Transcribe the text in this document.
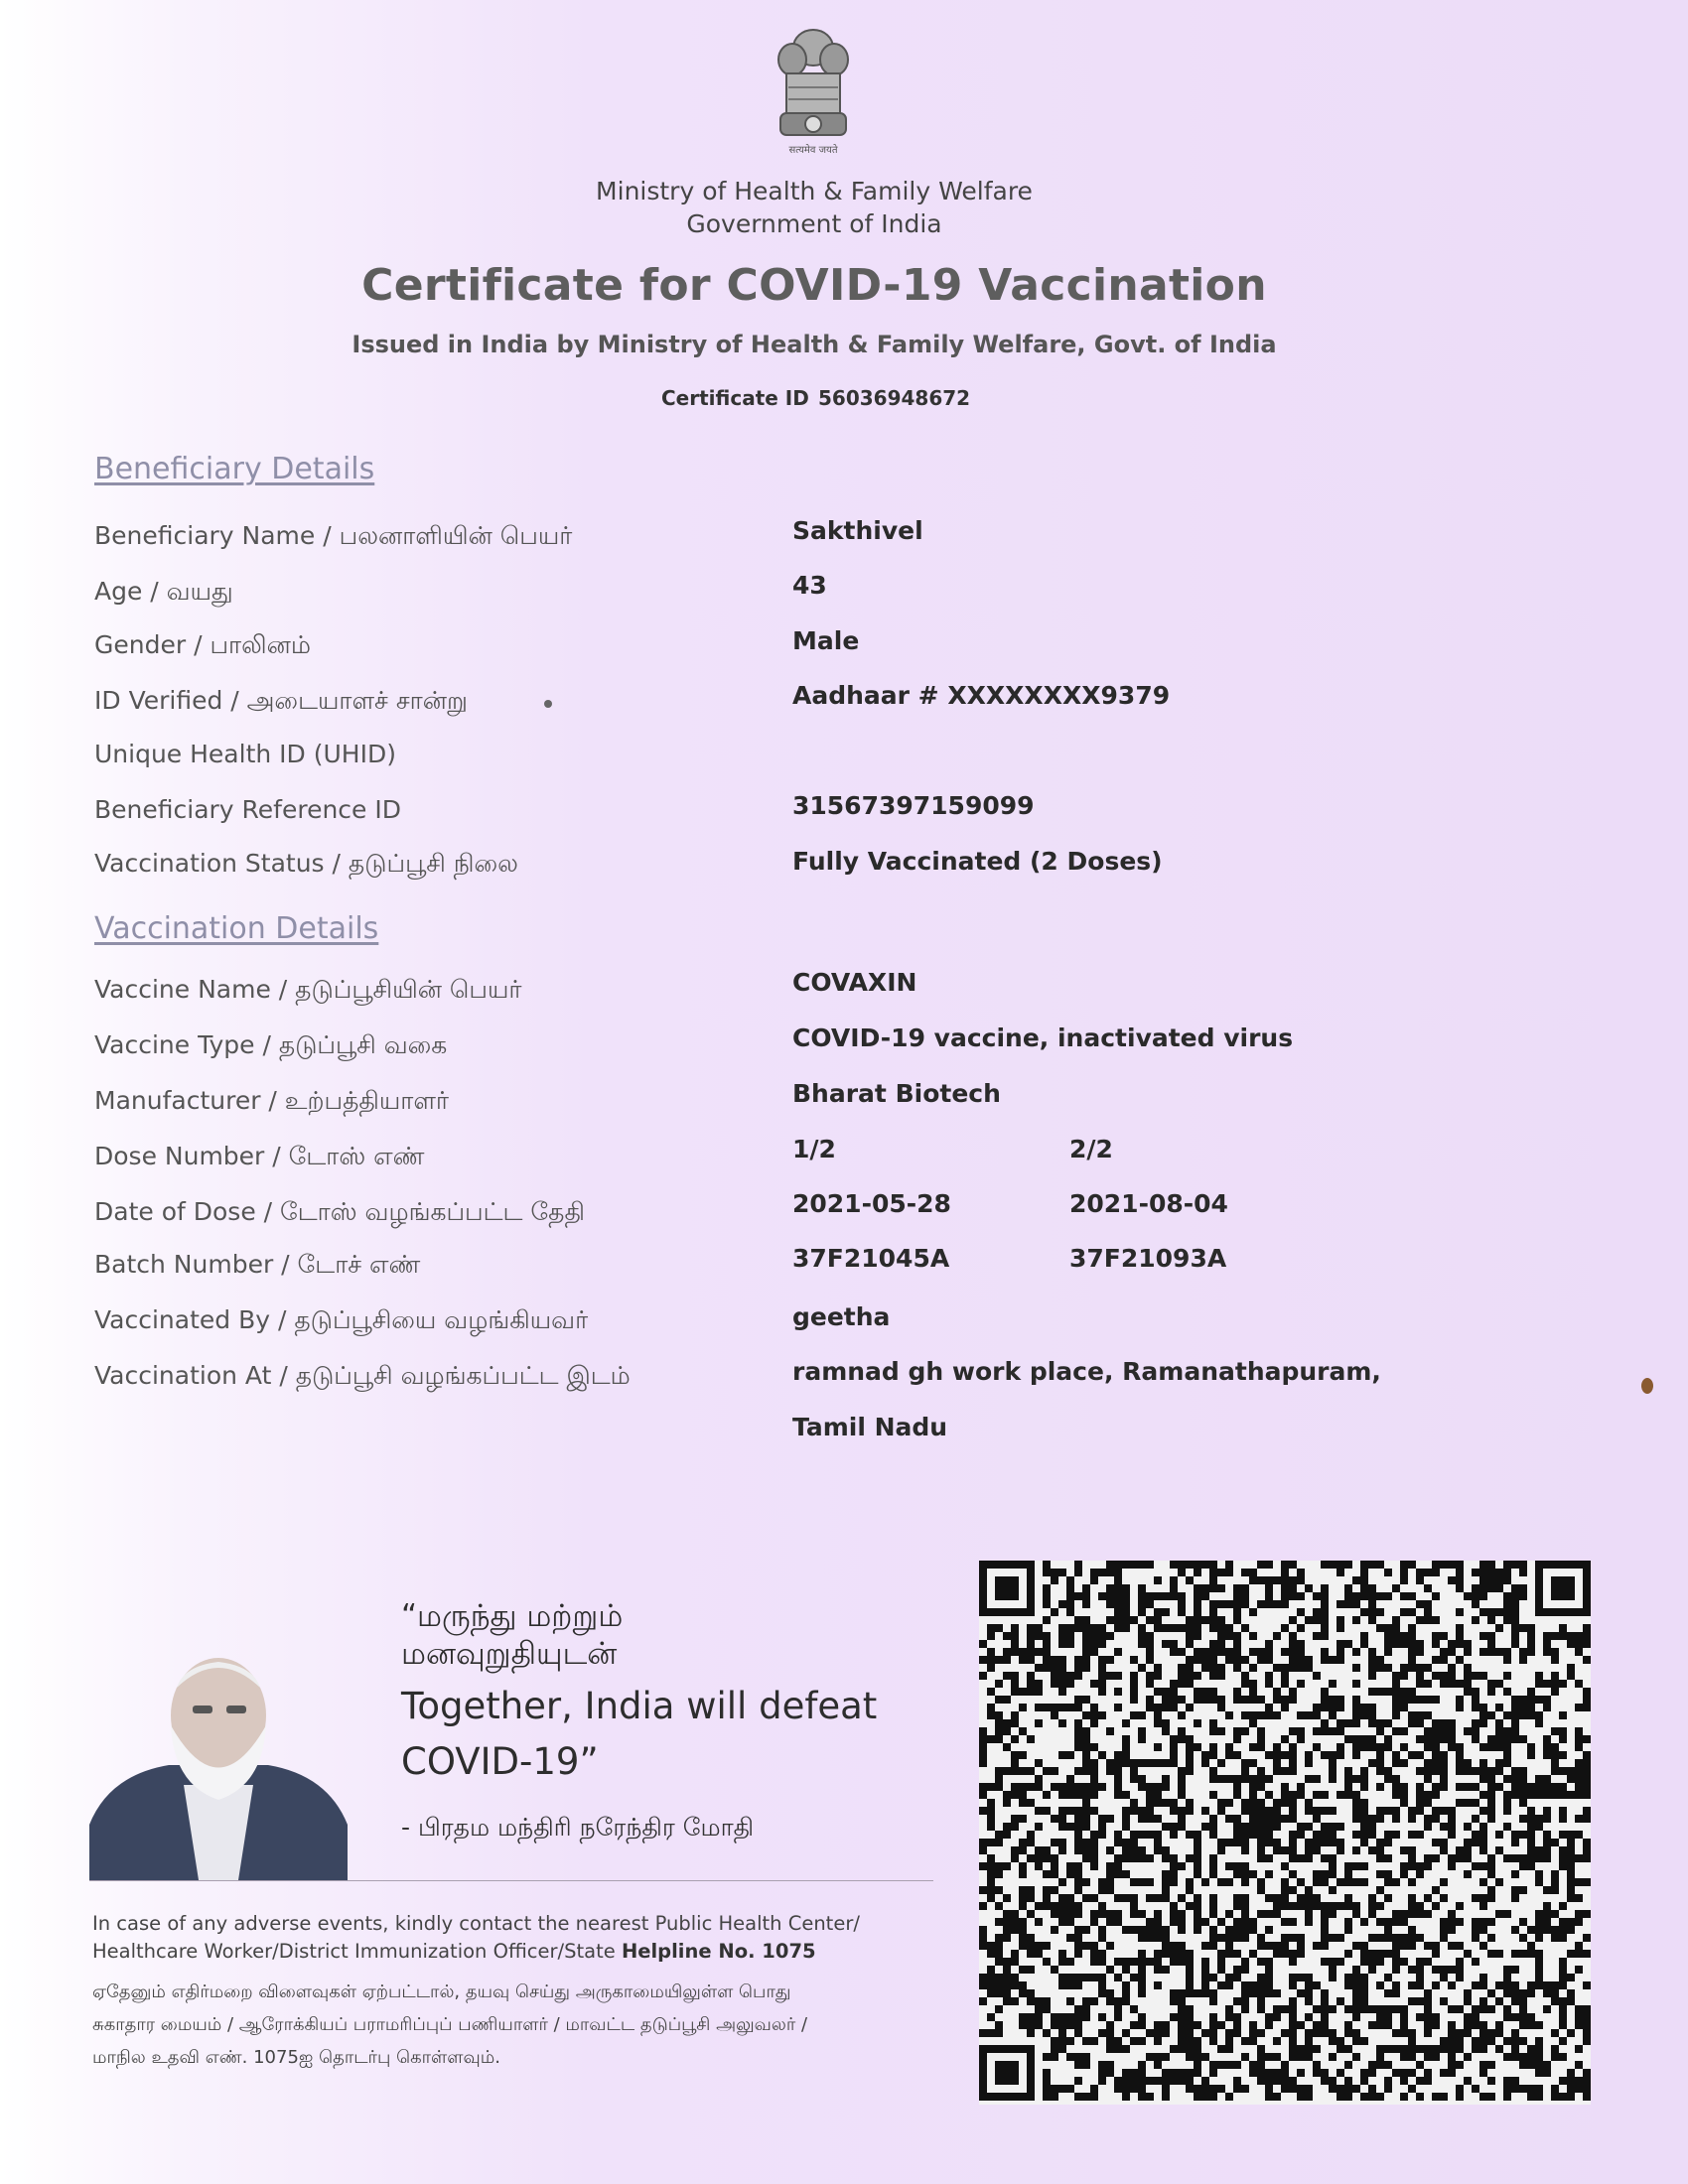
सत्यमेव जयते
Ministry of Health & Family Welfare
Government of India
Certificate for COVID-19 Vaccination
Issued in India by Ministry of Health & Family Welfare, Govt. of India
Certificate ID 56036948672
Beneficiary Details
Beneficiary Name / பலனாளியின் பெயர்	Sakthivel
Age / வயது	43
Gender / பாலினம்	Male
ID Verified / அடையாளச் சான்று	Aadhaar # XXXXXXXX9379
Unique Health ID (UHID)
Beneficiary Reference ID	31567397159099
Vaccination Status / தடுப்பூசி நிலை	Fully Vaccinated (2 Doses)
Vaccination Details
Vaccine Name / தடுப்பூசியின் பெயர்	COVAXIN
Vaccine Type / தடுப்பூசி வகை	COVID-19 vaccine, inactivated virus
Manufacturer / உற்பத்தியாளர்	Bharat Biotech
Dose Number / டோஸ் எண்	1/2	2/2
Date of Dose / டோஸ் வழங்கப்பட்ட தேதி	2021-05-28	2021-08-04
Batch Number / டோச் எண்	37F21045A	37F21093A
Vaccinated By / தடுப்பூசியை வழங்கியவர்	geetha
Vaccination At / தடுப்பூசி வழங்கப்பட்ட இடம்	ramnad gh work place, Ramanathapuram,
Tamil Nadu
“மருந்து மற்றும்
மனவுறுதியுடன்
Together, India will defeat
COVID-19”
- பிரதம மந்திரி நரேந்திர மோதி
In case of any adverse events, kindly contact the nearest Public Health Center/
Healthcare Worker/District Immunization Officer/State Helpline No. 1075
ஏதேனும் எதிர்மறை விளைவுகள் ஏற்பட்டால், தயவு செய்து அருகாமையிலுள்ள பொது
சுகாதார மையம் / ஆரோக்கியப் பராமரிப்புப் பணியாளர் / மாவட்ட தடுப்பூசி அலுவலர் /
மாநில உதவி எண். 1075ஐ தொடர்பு கொள்ளவும்.
